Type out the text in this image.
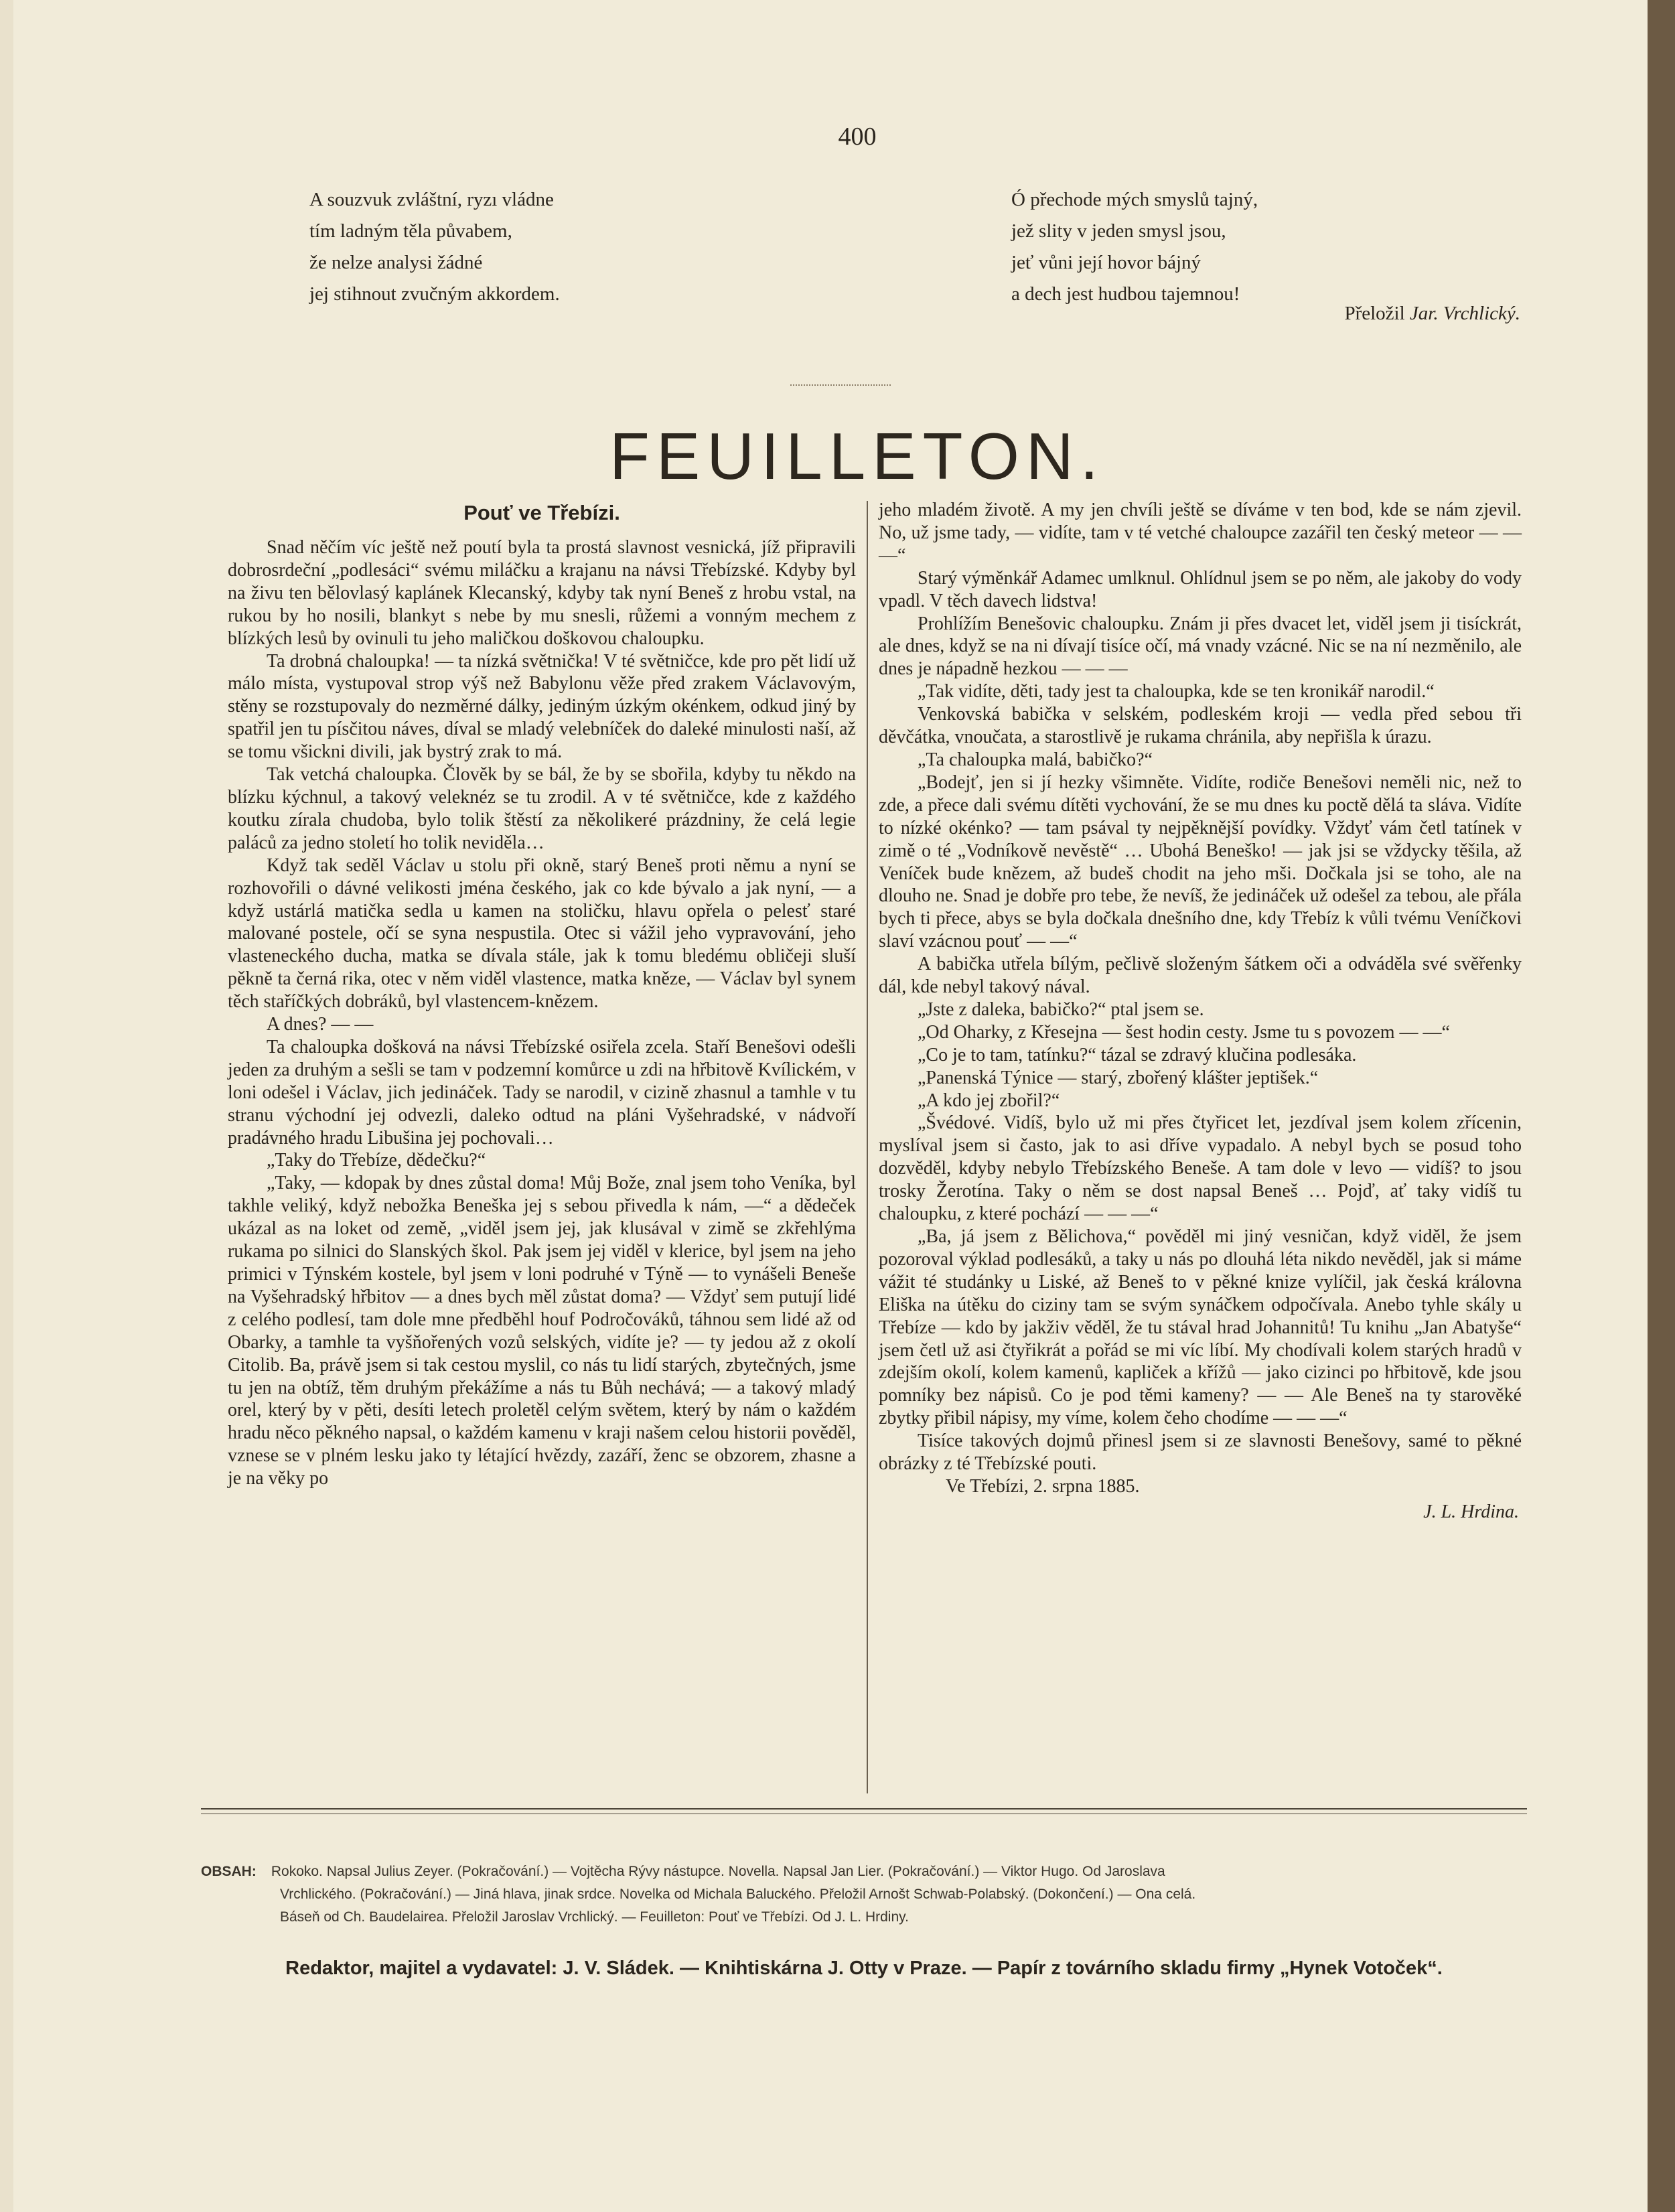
400
A souzvuk zvláštní, ryzı vládne
tím ladným těla půvabem,
že nelze analysi žádné
jej stihnout zvučným akkordem.
Ó přechode mých smyslů tajný,
jež slity v jeden smysl jsou,
jeť vůni její hovor bájný
a dech jest hudbou tajemnou!
Přeložil Jar. Vrchlický.
FEUILLETON.
Pouť ve Třebízi.

Snad něčím víc ještě než poutí byla ta prostá slavnost vesnická, jíž připravili dobrosrdeční „podlesáci“ svému miláčku a krajanu na návsi Třebízské. Kdyby byl na živu ten bělovlasý kaplánek Klecanský, kdyby tak nyní Beneš z hrobu vstal, na rukou by ho nosili, blankyt s nebe by mu snesli, růžemi a vonným mechem z blízkých lesů by ovinuli tu jeho maličkou doškovou chaloupku.

Ta drobná chaloupka! — ta nízká světnička! V té světničce, kde pro pět lidí už málo místa, vystupoval strop výš než Babylonu věže před zrakem Václavovým, stěny se rozstupovaly do nezměrné dálky, jediným úzkým okénkem, odkud jiný by spatřil jen tu písčitou náves, díval se mladý velebníček do daleké minulosti naší, až se tomu všickni divili, jak bystrý zrak to má.

Tak vetchá chaloupka. Člověk by se bál, že by se sbořila, kdyby tu někdo na blízku kýchnul, a takový veleknéz se tu zrodil. A v té světničce, kde z každého koutku zírala chudoba, bylo tolik štěstí za několikeré prázdniny, že celá legie paláců za jedno století ho tolik neviděla…

Když tak seděl Václav u stolu při okně, starý Beneš proti němu a nyní se rozhovořili o dávné velikosti jména českého, jak co kde bývalo a jak nyní, — a když ustárlá matička sedla u kamen na stoličku, hlavu opřela o pelesť staré malované postele, očí se syna nespustila. Otec si vážil jeho vypravování, jeho vlasteneckého ducha, matka se dívala stále, jak k tomu bledému obličeji sluší pěkně ta černá rika, otec v něm viděl vlastence, matka kněze, — Václav byl synem těch staříčkých dobráků, byl vlastencem-knězem.

A dnes? — —

Ta chaloupka došková na návsi Třebízské osiřela zcela. Staří Benešovi odešli jeden za druhým a sešli se tam v podzemní komůrce u zdi na hřbitově Kvílickém, v loni odešel i Václav, jich jedináček. Tady se narodil, v cizině zhasnul a tamhle v tu stranu východní jej odvezli, daleko odtud na pláni Vyšehradské, v nádvoří pradávného hradu Libušina jej pochovali…

„Taky do Třebíze, dědečku?“

„Taky, — kdopak by dnes zůstal doma! Můj Bože, znal jsem toho Veníka, byl takhle veliký, když nebožka Beneška jej s sebou přivedla k nám, —“ a dědeček ukázal as na loket od země, „viděl jsem jej, jak klusával v zimě se zkřehlýma rukama po silnici do Slanských škol. Pak jsem jej viděl v klerice, byl jsem na jeho primici v Týnském kostele, byl jsem v loni podruhé v Týně — to vynášeli Beneše na Vyšehradský hřbitov — a dnes bych měl zůstat doma? — Vždyť sem putují lidé z celého podlesí, tam dole mne předběhl houf Področováků, táhnou sem lidé až od Obarky, a tamhle ta vyšňořených vozů selských, vidíte je? — ty jedou až z okolí Citolib. Ba, právě jsem si tak cestou myslil, co nás tu lidí starých, zbytečných, jsme tu jen na obtíž, těm druhým překážíme a nás tu Bůh nechává; — a takový mladý orel, který by v pěti, desíti letech proletěl celým světem, který by nám o každém hradu něco pěkného napsal, o každém kamenu v kraji našem celou historii pověděl, vznese se v plném lesku jako ty létající hvězdy, zazáří, ženc se obzorem, zhasne a je na věky po

jeho mladém životě. A my jen chvíli ještě se díváme v ten bod, kde se nám zjevil. No, už jsme tady, — vidíte, tam v té vetché chaloupce zazářil ten český meteor — — —“

Starý výměnkář Adamec umlknul. Ohlídnul jsem se po něm, ale jakoby do vody vpadl. V těch davech lidstva!

Prohlížím Benešovic chaloupku. Znám ji přes dvacet let, viděl jsem ji tisíckrát, ale dnes, když se na ni dívají tisíce očí, má vnady vzácné. Nic se na ní nezměnilo, ale dnes je nápadně hezkou — — —

„Tak vidíte, děti, tady jest ta chaloupka, kde se ten kronikář narodil.“

Venkovská babička v selském, podleském kroji — vedla před sebou tři děvčátka, vnoučata, a starostlivě je rukama chránila, aby nepřišla k úrazu.

„Ta chaloupka malá, babičko?“

„Bodejť, jen si jí hezky všimněte. Vidíte, rodiče Benešovi neměli nic, než to zde, a přece dali svému dítěti vychování, že se mu dnes ku poctě dělá ta sláva. Vidíte to nízké okénko? — tam psával ty nejpěknější povídky. Vždyť vám četl tatínek v zimě o té „Vodníkově nevěstě“ … Ubohá Beneško! — jak jsi se vždycky těšila, až Veníček bude knězem, až budeš chodit na jeho mši. Dočkala jsi se toho, ale na dlouho ne. Snad je dobře pro tebe, že nevíš, že jedináček už odešel za tebou, ale přála bych ti přece, abys se byla dočkala dnešního dne, kdy Třebíz k vůli tvému Veníčkovi slaví vzácnou pouť — —“

A babička utřela bílým, pečlivě složeným šátkem oči a odváděla své svěřenky dál, kde nebyl takový nával.

„Jste z daleka, babičko?“ ptal jsem se.

„Od Oharky, z Křesejna — šest hodin cesty. Jsme tu s povozem — —“

„Co je to tam, tatínku?“ tázal se zdravý klučina podlesáka.

„Panenská Týnice — starý, zbořený klášter jeptišek.“

„A kdo jej zbořil?“

„Švédové. Vidíš, bylo už mi přes čtyřicet let, jezdíval jsem kolem zřícenin, myslíval jsem si často, jak to asi dříve vypadalo. A nebyl bych se posud toho dozvěděl, kdyby nebylo Třebízského Beneše. A tam dole v levo — vidíš? to jsou trosky Žerotína. Taky o něm se dost napsal Beneš … Pojď, ať taky vidíš tu chaloupku, z které pochází — — —“

„Ba, já jsem z Bělichova,“ pověděl mi jiný vesničan, když viděl, že jsem pozoroval výklad podlesáků, a taky u nás po dlouhá léta nikdo nevěděl, jak si máme vážit té studánky u Liské, až Beneš to v pěkné knize vylíčil, jak česká královna Eliška na útěku do ciziny tam se svým synáčkem odpočívala. Anebo tyhle skály u Třebíze — kdo by jakživ věděl, že tu stával hrad Johannitů! Tu knihu „Jan Abatyše“ jsem četl už asi čtyřikrát a pořád se mi víc líbí. My chodívali kolem starých hradů v zdejším okolí, kolem kamenů, kapliček a křížů — jako cizinci po hřbitově, kde jsou pomníky bez nápisů. Co je pod těmi kameny? — — Ale Beneš na ty starověké zbytky přibil nápisy, my víme, kolem čeho chodíme — — —“

Tisíce takových dojmů přinesl jsem si ze slavnosti Benešovy, samé to pěkné obrázky z té Třebízské pouti.

Ve Třebízi, 2. srpna 1885.

J. L. Hrdina.
OBSAH: Rokoko. Napsal Julius Zeyer. (Pokračování.) — Vojtěcha Rývy nástupce. Novella. Napsal Jan Lier. (Pokračování.) — Viktor Hugo. Od Jaroslava
Vrchlického. (Pokračování.) — Jiná hlava, jinak srdce. Novelka od Michala Baluckého. Přeložil Arnošt Schwab-Polabský. (Dokončení.) — Ona celá.
Báseň od Ch. Baudelairea. Přeložil Jaroslav Vrchlický. — Feuilleton: Pouť ve Třebízi. Od J. L. Hrdiny.
Redaktor, majitel a vydavatel: J. V. Sládek. — Knihtiskárna J. Otty v Praze. — Papír z továrního skladu firmy „Hynek Votoček“.
